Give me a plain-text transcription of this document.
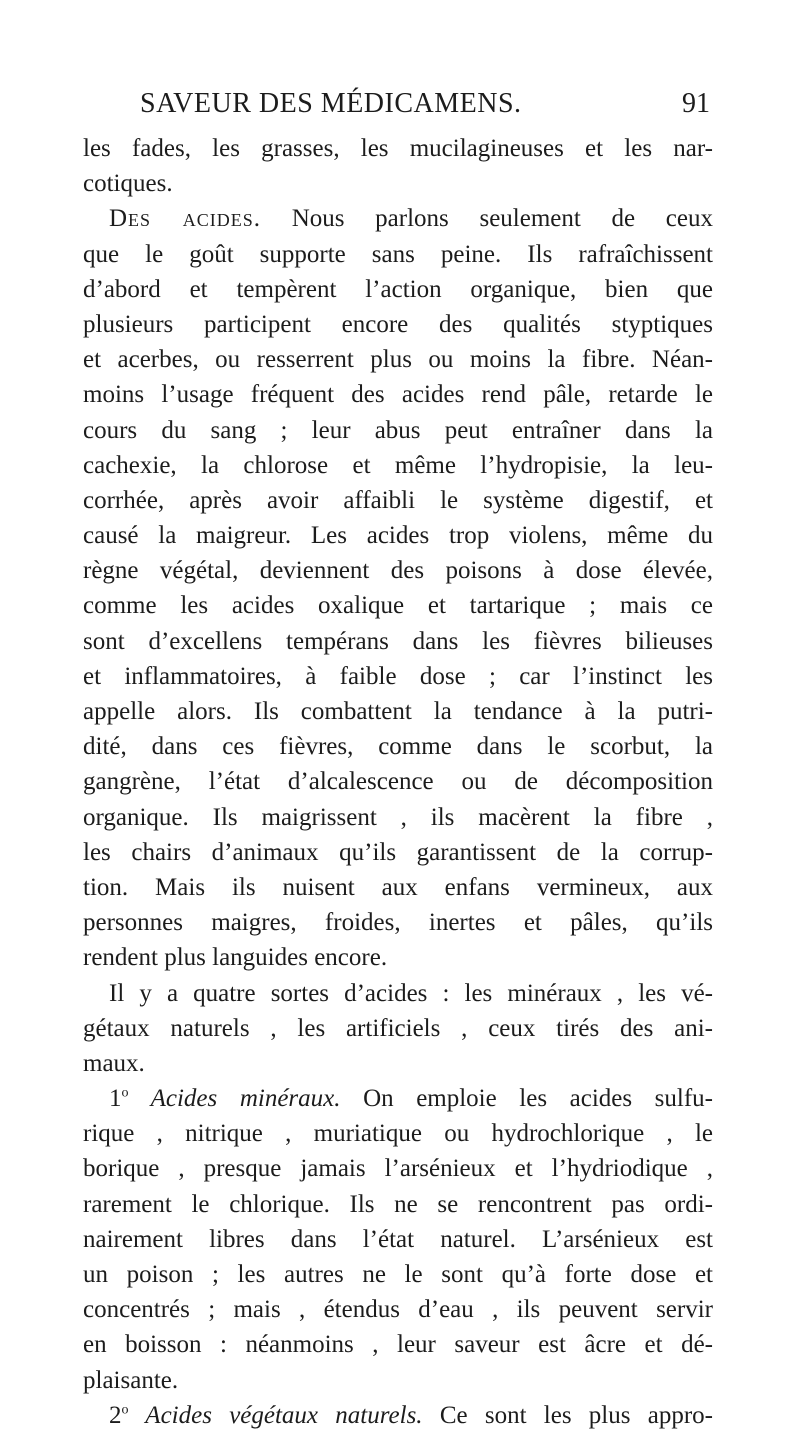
SAVEUR DES MÉDICAMENS.	91
les fades, les grasses, les mucilagineuses et les nar-
cotiques.
Des acides. Nous parlons seulement de ceux
que le goût supporte sans peine. Ils rafraîchissent
d’abord et tempèrent l’action organique, bien que
plusieurs participent encore des qualités styptiques
et acerbes, ou resserrent plus ou moins la fibre. Néan-
moins l’usage fréquent des acides rend pâle, retarde le
cours du sang ; leur abus peut entraîner dans la
cachexie, la chlorose et même l’hydropisie, la leu-
corrhée, après avoir affaibli le système digestif, et
causé la maigreur. Les acides trop violens, même du
règne végétal, deviennent des poisons à dose élevée,
comme les acides oxalique et tartarique ; mais ce
sont d’excellens tempérans dans les fièvres bilieuses
et inflammatoires, à faible dose ; car l’instinct les
appelle alors. Ils combattent la tendance à la putri-
dité, dans ces fièvres, comme dans le scorbut, la
gangrène, l’état d’alcalescence ou de décomposition
organique. Ils maigrissent , ils macèrent la fibre ,
les chairs d’animaux qu’ils garantissent de la corrup-
tion. Mais ils nuisent aux enfans vermineux, aux
personnes maigres, froides, inertes et pâles, qu’ils
rendent plus languides encore.
Il y a quatre sortes d’acides : les minéraux , les vé-
gétaux naturels , les artificiels , ceux tirés des ani-
maux.
1$^o$ Acides minéraux. On emploie les acides sulfu-
rique , nitrique , muriatique ou hydrochlorique , le
borique , presque jamais l’arsénieux et l’hydriodique ,
rarement le chlorique. Ils ne se rencontrent pas ordi-
nairement libres dans l’état naturel. L’arsénieux est
un poison ; les autres ne le sont qu’à forte dose et
concentrés ; mais , étendus d’eau , ils peuvent servir
en boisson : néanmoins , leur saveur est âcre et dé-
plaisante.
2$^o$ Acides végétaux naturels. Ce sont les plus appro-
